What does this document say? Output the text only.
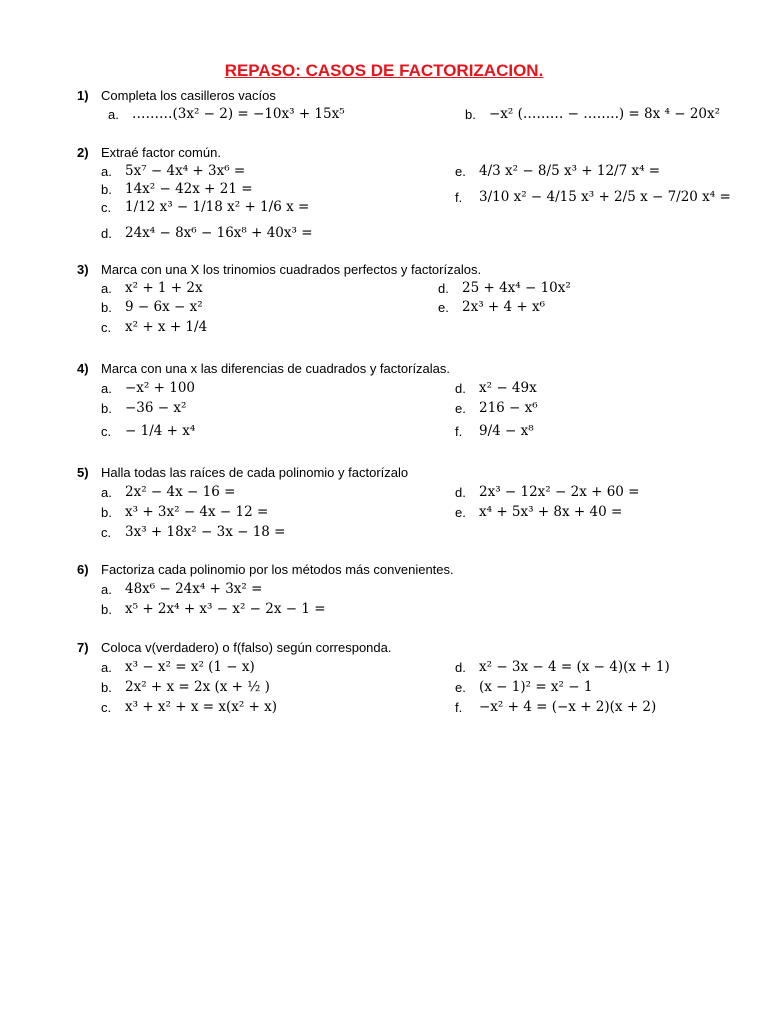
REPASO: CASOS DE FACTORIZACION.
1) Completa los casilleros vacíos
a. ………(3x² − 2) = −10x³ + 15x⁵	b. −x² (……… − ……..) = 8x ⁴ − 20x²
2) Extraé factor común.
a. 5x⁷ − 4x⁴ + 3x⁶ =
b. 14x² − 42x + 21 =
c.	1/12 x³ − 1/18 x² + 1/6 x =
d. 24x⁴ − 8x⁶ − 16x⁸ + 40x³ =
e. 4/3 x² − 8/5 x³ + 12/7 x⁴ =
f.	3/10 x² − 4/15 x³ + 2/5 x − 7/20 x⁴ =
3) Marca con una X los trinomios cuadrados perfectos y factorízalos.
a. x² + 1 + 2x
b. 9 − 6x − x²
c.	x² + x + 1/4
d. 25 + 4x⁴ − 10x²
e. 2x³ + 4 + x⁶
4) Marca con una x las diferencias de cuadrados y factorízalas.
a. −x² + 100
b. −36 − x²
c.	− 1/4 + x⁴
d. x² − 49x
e. 216 − x⁶
f.	9/4 − x⁸
5) Halla todas las raíces de cada polinomio y factorízalo
a. 2x² − 4x − 16 =
b. x³ + 3x² − 4x − 12 =
c.	3x³ + 18x² − 3x − 18 =
d. 2x³ − 12x² − 2x + 60 =
e. x⁴ + 5x³ + 8x + 40 =
6) Factoriza cada polinomio por los métodos más convenientes.
a. 48x⁶ − 24x⁴ + 3x² =
b. x⁵ + 2x⁴ + x³ − x² − 2x − 1 =
7) Coloca v(verdadero) o f(falso) según corresponda.
a. x³ − x² = x² (1 − x)
b. 2x² + x = 2x (x + ½ )
c.	x³ + x² + x = x(x² + x)
d. x² − 3x − 4 = (x − 4)(x + 1)
e. (x − 1)² = x² − 1
f.	−x² + 4 = (−x + 2)(x + 2)
